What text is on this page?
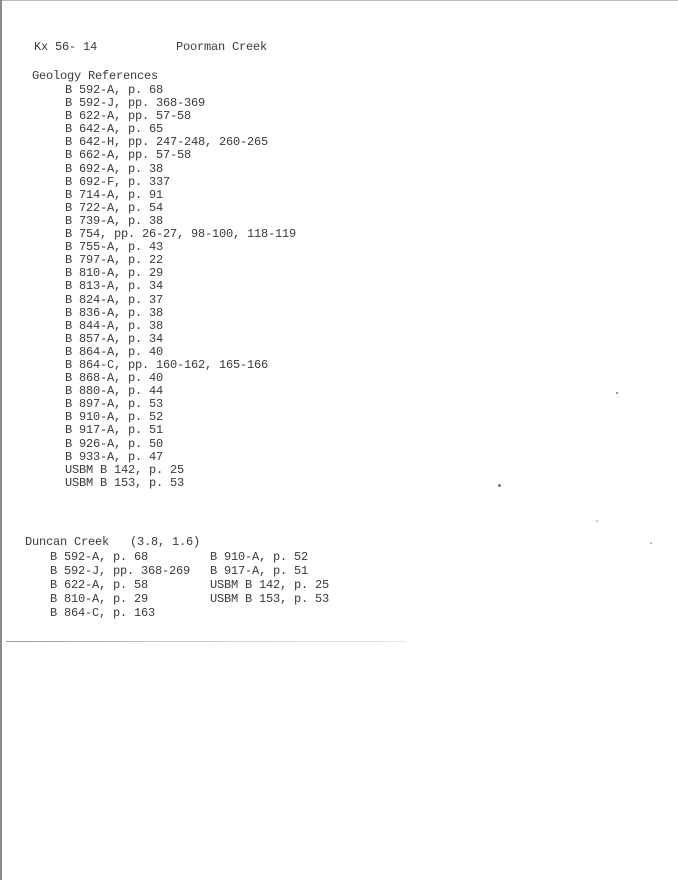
Kx 56- 14	Poorman Creek
Geology References
B 592-A, p. 68
B 592-J, pp. 368-369
B 622-A, pp. 57-58
B 642-A, p. 65
B 642-H, pp. 247-248, 260-265
B 662-A, pp. 57-58
B 692-A, p. 38
B 692-F, p. 337
B 714-A, p. 91
B 722-A, p. 54
B 739-A, p. 38
B 754, pp. 26-27, 98-100, 118-119
B 755-A, p. 43
B 797-A, p. 22
B 810-A, p. 29
B 813-A, p. 34
B 824-A, p. 37
B 836-A, p. 38
B 844-A, p. 38
B 857-A, p. 34
B 864-A, p. 40
B 864-C, pp. 160-162, 165-166
B 868-A, p. 40
B 880-A, p. 44
B 897-A, p. 53
B 910-A, p. 52
B 917-A, p. 51
B 926-A, p. 50
B 933-A, p. 47
USBM B 142, p. 25
USBM B 153, p. 53
Duncan Creek   (3.8, 1.6)
B 592-A, p. 68
B 592-J, pp. 368-269
B 622-A, p. 58
B 810-A, p. 29
B 864-C, p. 163
B 910-A, p. 52
B 917-A, p. 51
USBM B 142, p. 25
USBM B 153, p. 53
